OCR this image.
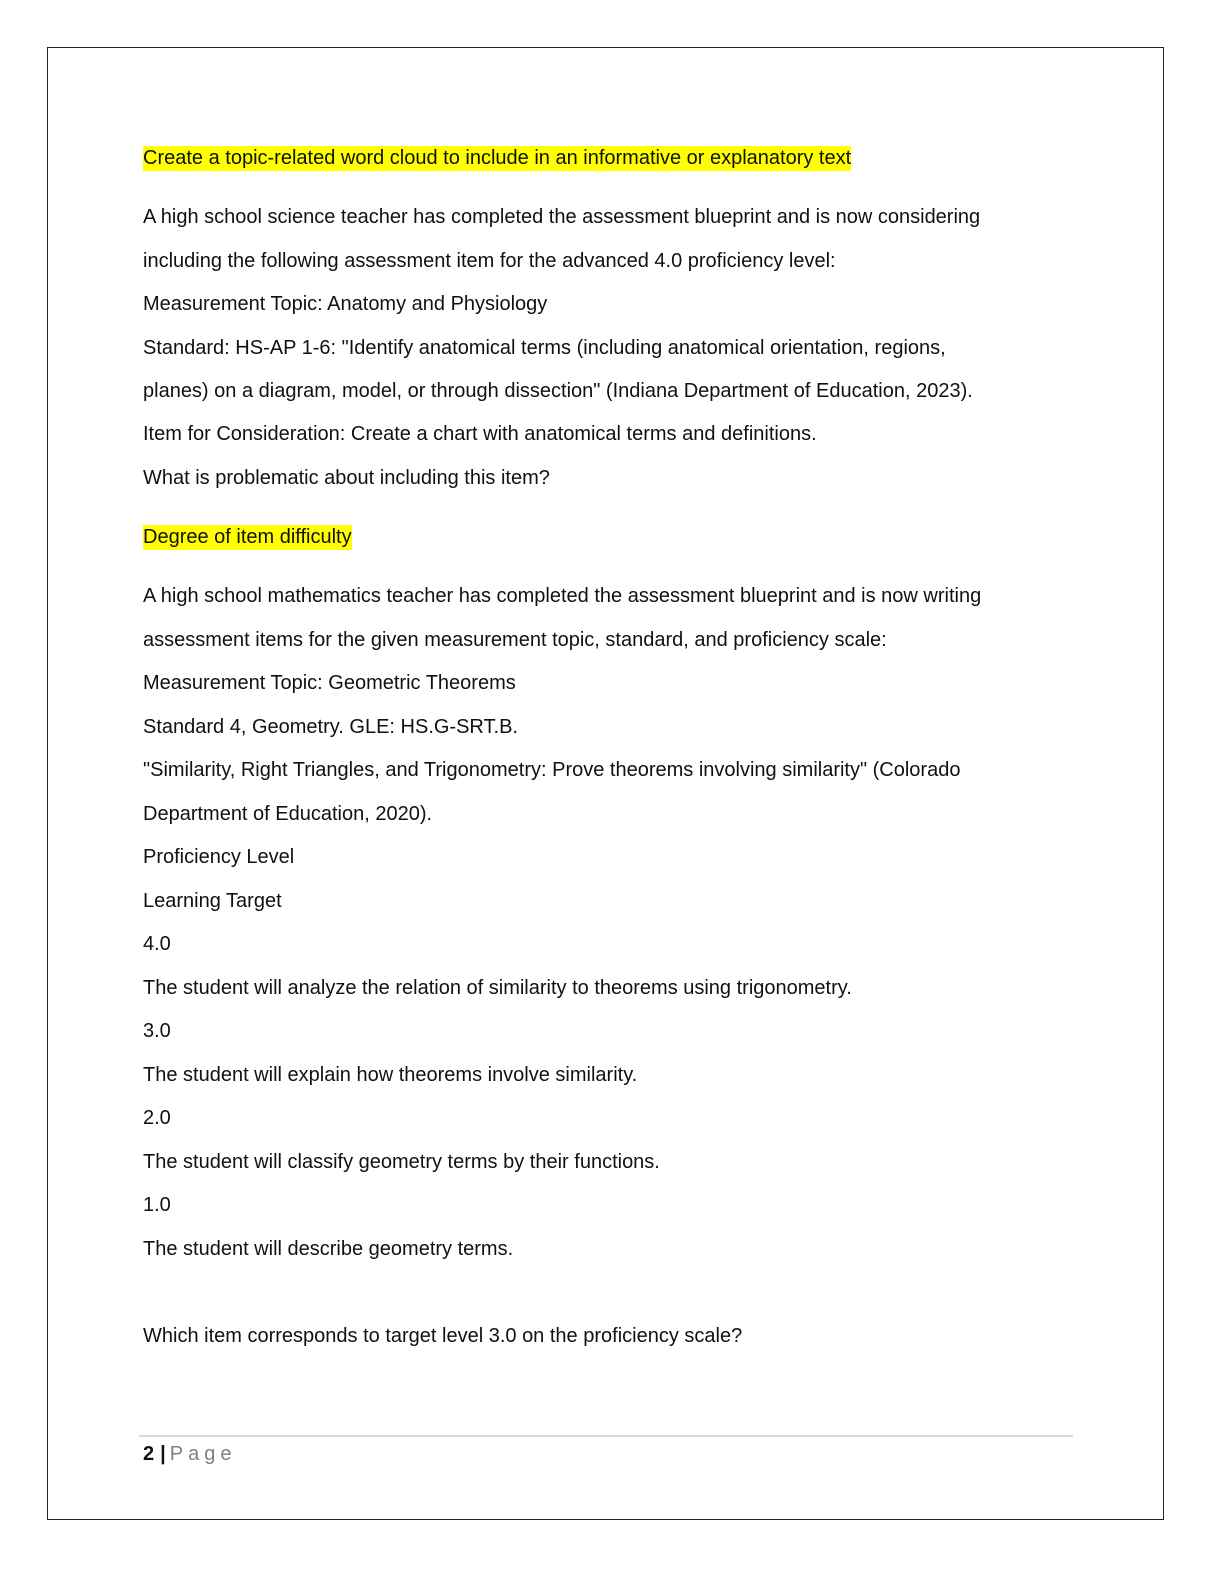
Create a topic-related word cloud to include in an informative or explanatory text
A high school science teacher has completed the assessment blueprint and is now considering
including the following assessment item for the advanced 4.0 proficiency level:
Measurement Topic: Anatomy and Physiology
Standard: HS-AP 1-6: "Identify anatomical terms (including anatomical orientation, regions,
planes) on a diagram, model, or through dissection" (Indiana Department of Education, 2023).
Item for Consideration: Create a chart with anatomical terms and definitions.
What is problematic about including this item?
Degree of item difficulty
A high school mathematics teacher has completed the assessment blueprint and is now writing
assessment items for the given measurement topic, standard, and proficiency scale:
Measurement Topic: Geometric Theorems
Standard 4, Geometry. GLE: HS.G-SRT.B.
"Similarity, Right Triangles, and Trigonometry: Prove theorems involving similarity" (Colorado
Department of Education, 2020).
Proficiency Level
Learning Target
4.0
The student will analyze the relation of similarity to theorems using trigonometry.
3.0
The student will explain how theorems involve similarity.
2.0
The student will classify geometry terms by their functions.
1.0
The student will describe geometry terms.
Which item corresponds to target level 3.0 on the proficiency scale?
2 | Page
